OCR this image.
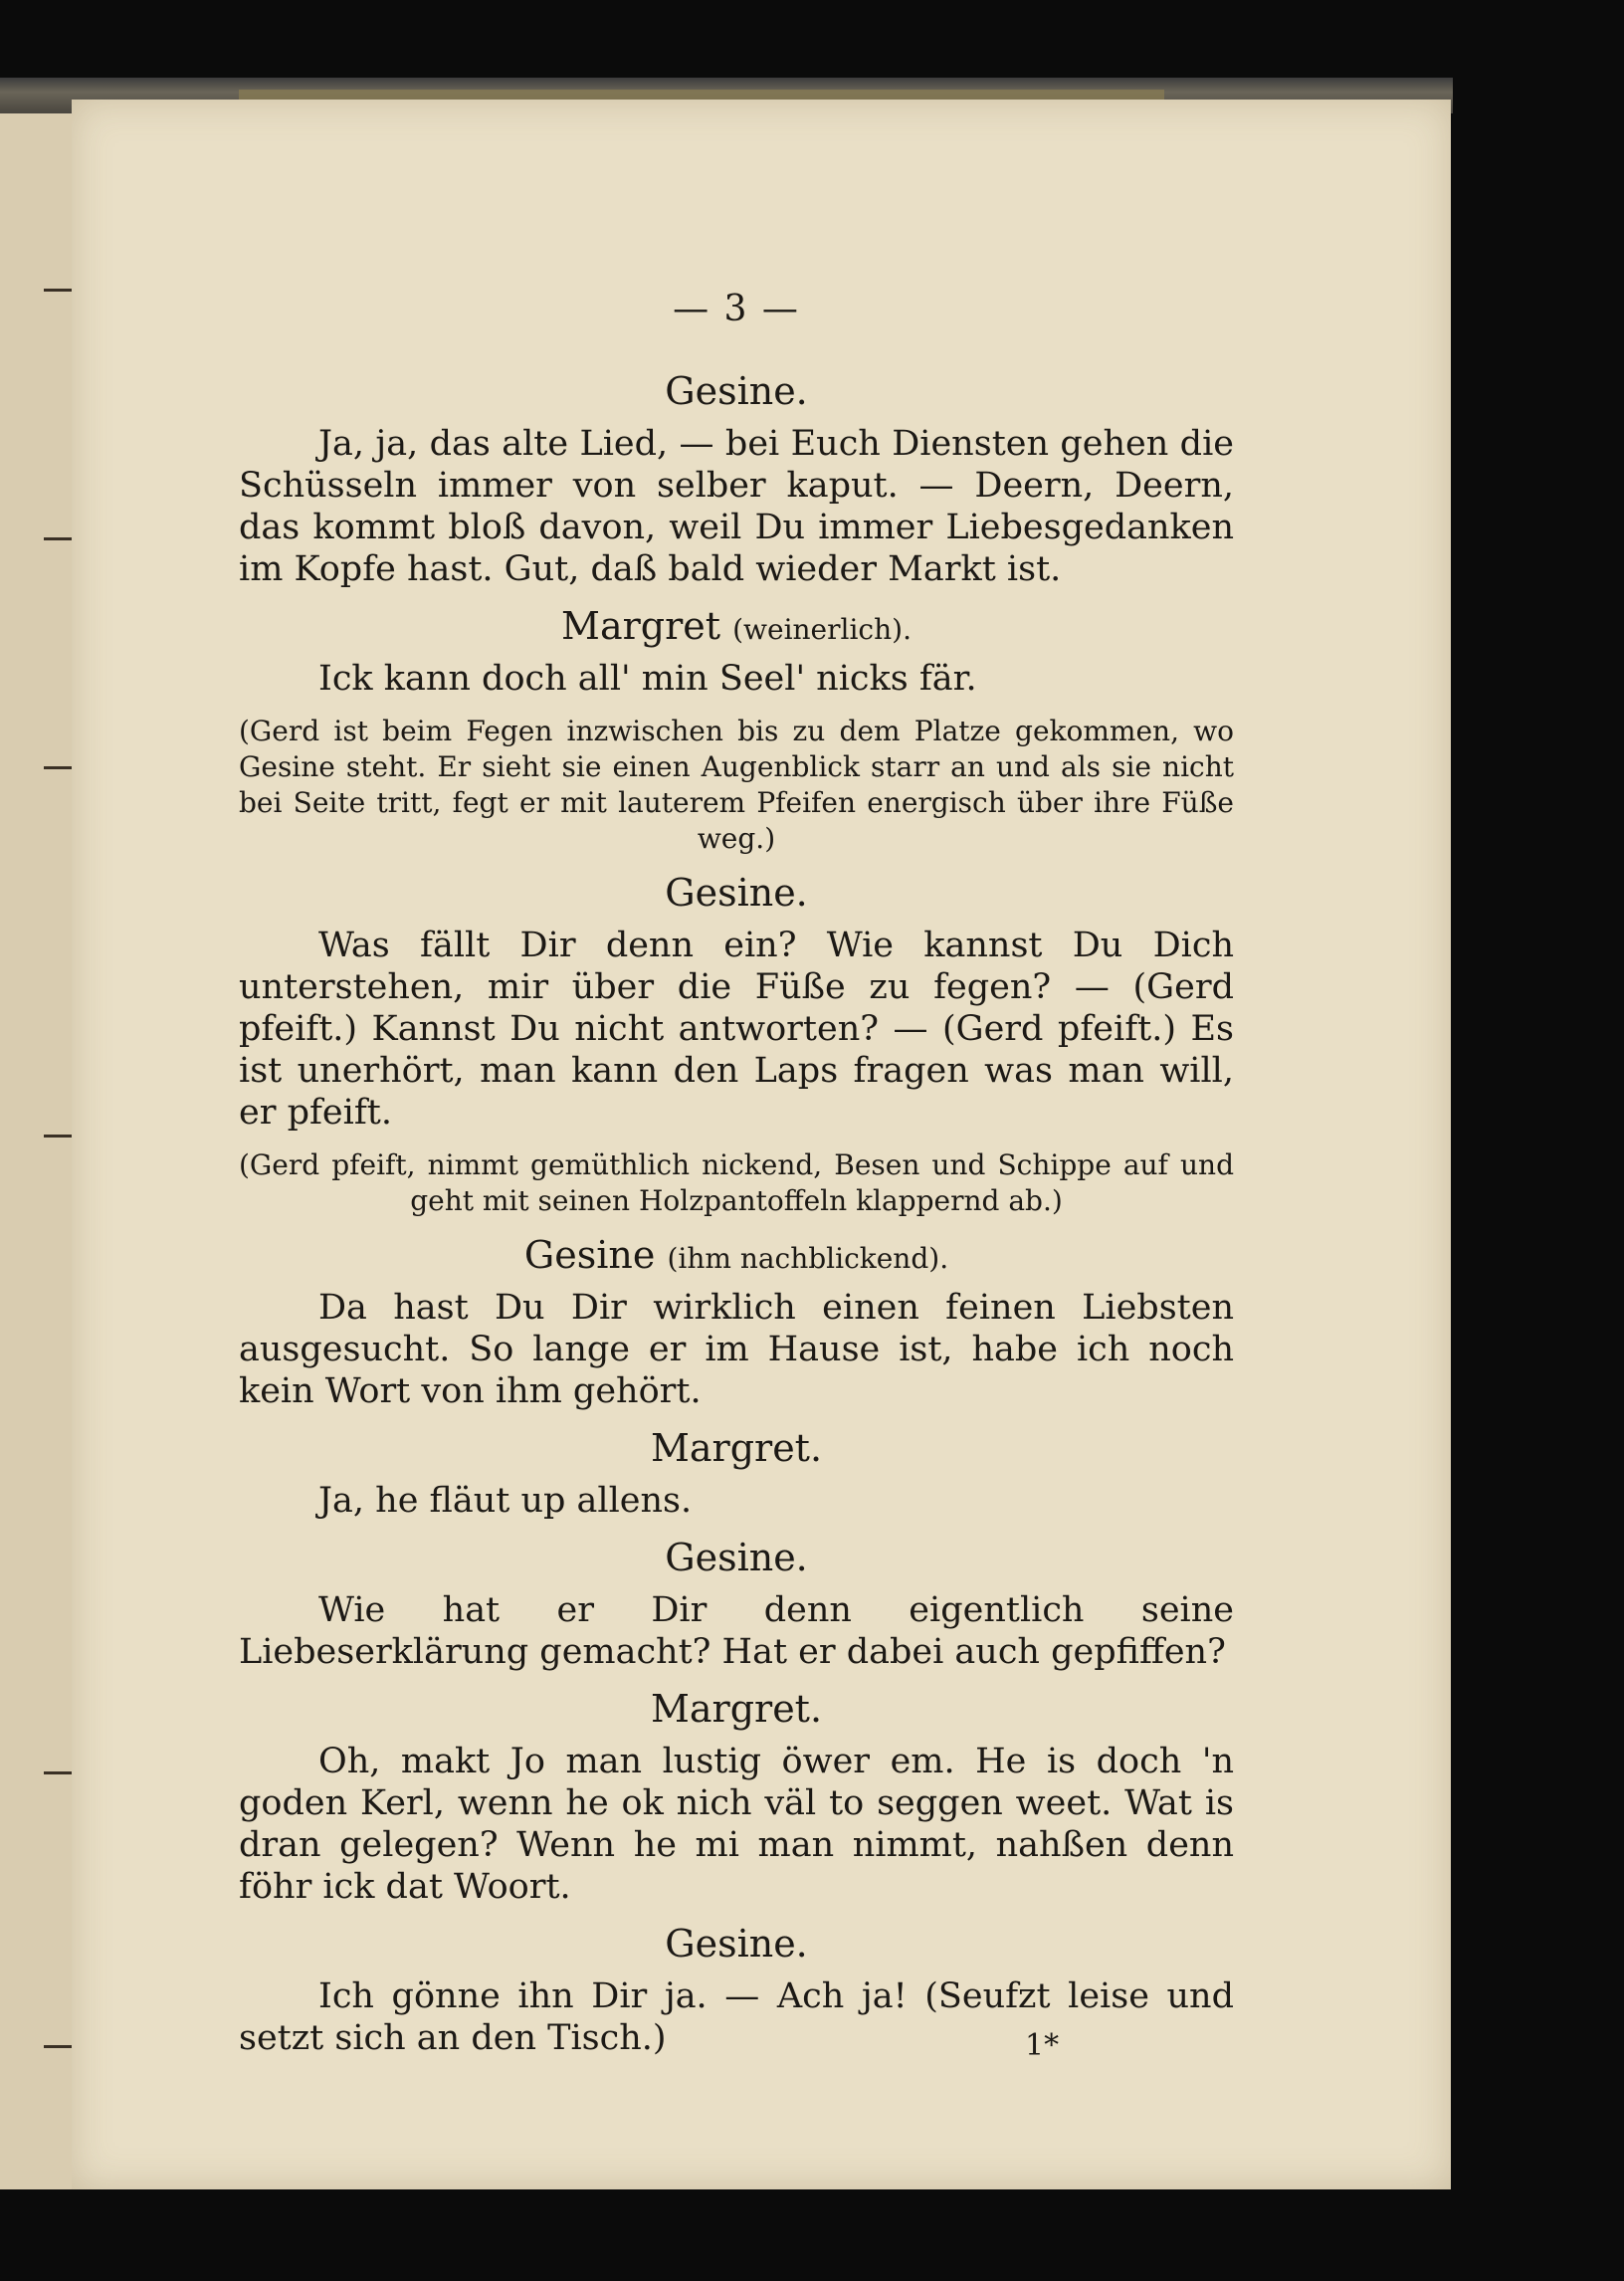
— 3 —
Gesine.

Ja, ja, das alte Lied, — bei Euch Diensten gehen die Schüsseln immer von selber kaput. — Deern, Deern, das kommt bloß davon, weil Du immer Liebesgedanken im Kopfe hast. Gut, daß bald wieder Markt ist.

Margret (weinerlich).

Ick kann doch all' min Seel' nicks fär.

(Gerd ist beim Fegen inzwischen bis zu dem Platze gekommen, wo Gesine steht. Er sieht sie einen Augenblick starr an und als sie nicht bei Seite tritt, fegt er mit lauterem Pfeifen energisch über ihre Füße weg.)

Gesine.

Was fällt Dir denn ein? Wie kannst Du Dich unterstehen, mir über die Füße zu fegen? — (Gerd pfeift.) Kannst Du nicht antworten? — (Gerd pfeift.) Es ist unerhört, man kann den Laps fragen was man will, er pfeift.

(Gerd pfeift, nimmt gemüthlich nickend, Besen und Schippe auf und geht mit seinen Holzpantoffeln klappernd ab.)

Gesine (ihm nachblickend).

Da hast Du Dir wirklich einen feinen Liebsten ausgesucht. So lange er im Hause ist, habe ich noch kein Wort von ihm gehört.

Margret.

Ja, he fläut up allens.

Gesine.

Wie hat er Dir denn eigentlich seine Liebeserklärung gemacht? Hat er dabei auch gepfiffen?

Margret.

Oh, makt Jo man lustig öwer em. He is doch 'n goden Kerl, wenn he ok nich väl to seggen weet. Wat is dran gelegen? Wenn he mi man nimmt, nahßen denn föhr ick dat Woort.

Gesine.

Ich gönne ihn Dir ja. — Ach ja! (Seufzt leise und setzt sich an den Tisch.)	1*
